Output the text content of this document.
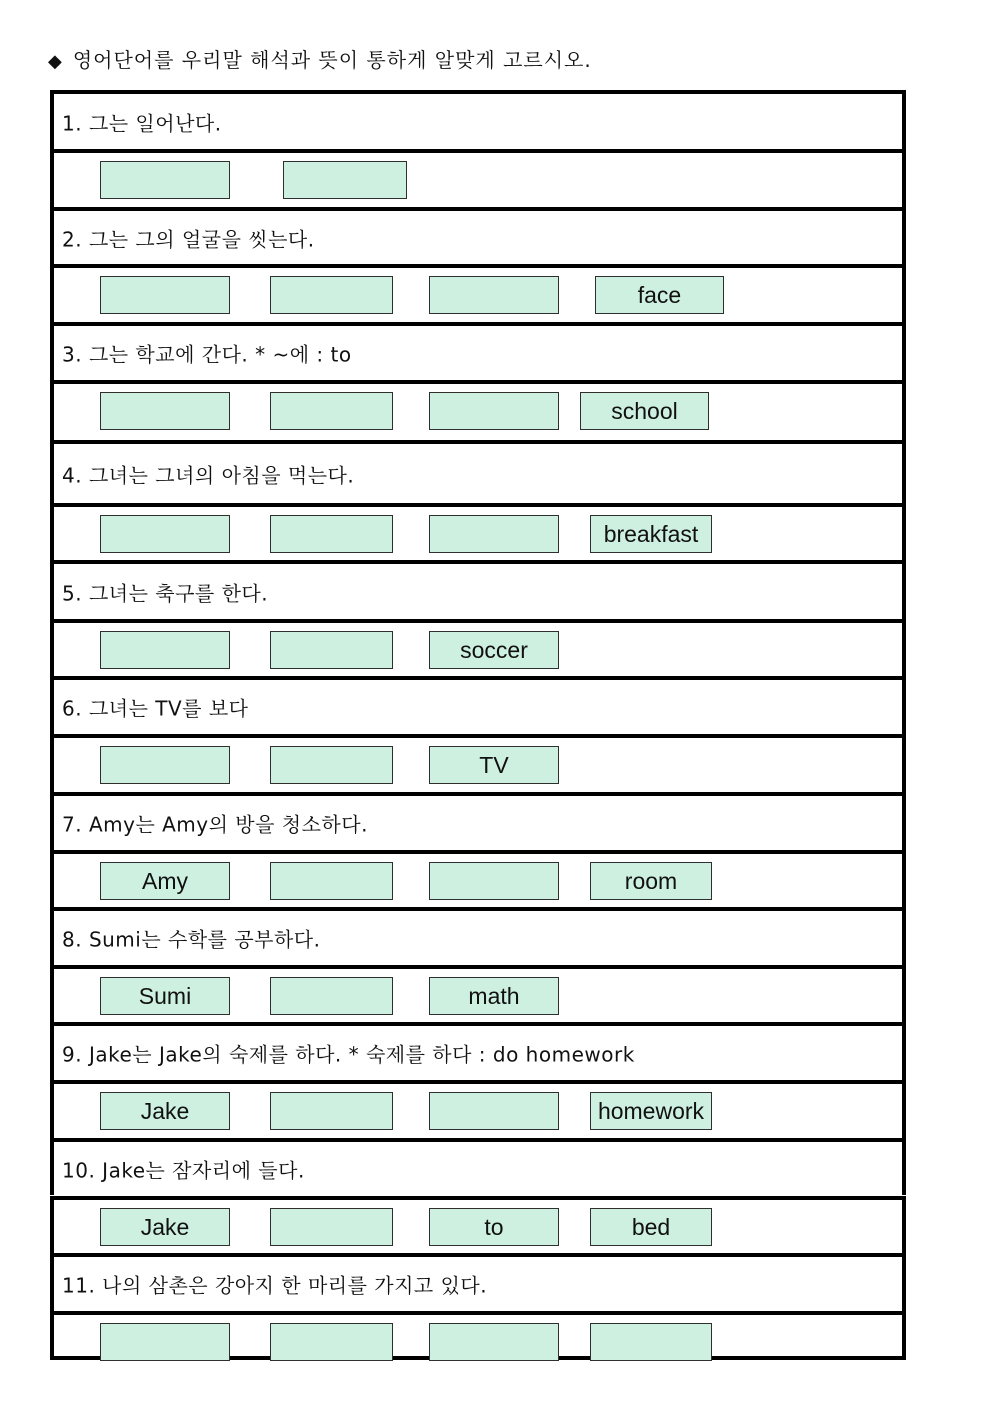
◆ 영어단어를 우리말 해석과 뜻이 통하게 알맞게 고르시오.
1. 그는 일어난다.
2. 그는 그의 얼굴을 씻는다.
face
3. 그는 학교에 간다. * ~에 : to
school
4. 그녀는 그녀의 아침을 먹는다.
breakfast
5. 그녀는 축구를 한다.
soccer
6. 그녀는 TV를 보다
TV
7. Amy는 Amy의 방을 청소하다.
Amy	room
8. Sumi는 수학를 공부하다.
Sumi	math
9. Jake는 Jake의 숙제를 하다. * 숙제를 하다 : do homework
Jake	homework
10. Jake는 잠자리에 들다.
Jake	to	bed
11. 나의 삼촌은 강아지 한 마리를 가지고 있다.
